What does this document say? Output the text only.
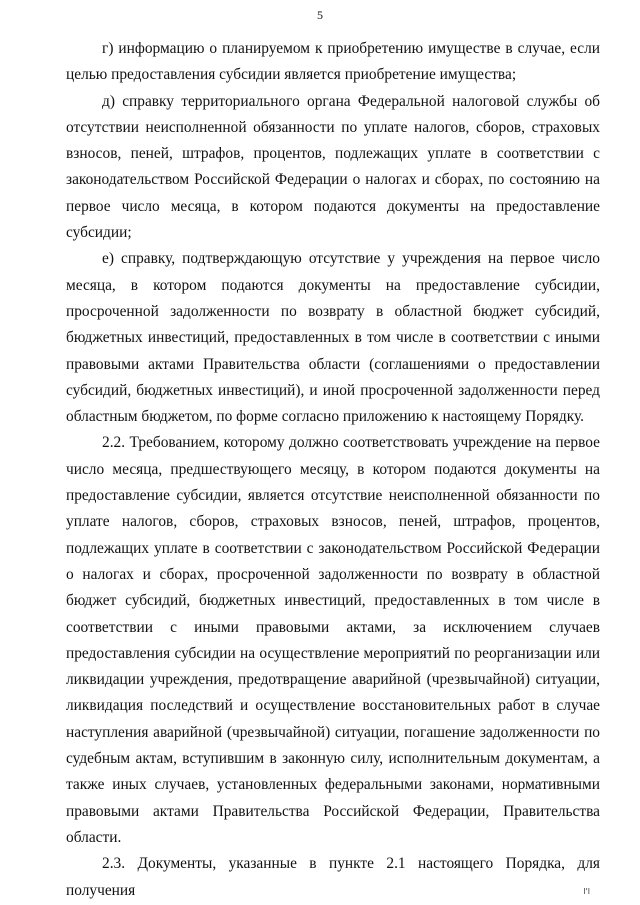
5

г) информацию о планируемом к приобретению имуществе в случае, если целью предоставления субсидии является приобретение имущества;

д) справку территориального органа Федеральной налоговой службы об отсутствии неисполненной обязанности по уплате налогов, сборов, страховых взносов, пеней, штрафов, процентов, подлежащих уплате в соответствии с законодательством Российской Федерации о налогах и сборах, по состоянию на первое число месяца, в котором подаются документы на предоставление субсидии;

е) справку, подтверждающую отсутствие у учреждения на первое число месяца, в котором подаются документы на предоставление субсидии, просроченной задолженности по возврату в областной бюджет субсидий, бюджетных инвестиций, предоставленных в том числе в соответствии с иными правовыми актами Правительства области (соглашениями о предоставлении субсидий, бюджетных инвестиций), и иной просроченной задолженности перед областным бюджетом, по форме согласно приложению к настоящему Порядку.

2.2. Требованием, которому должно соответствовать учреждение на первое число месяца, предшествующего месяцу, в котором подаются документы на предоставление субсидии, является отсутствие неисполненной обязанности по уплате налогов, сборов, страховых взносов, пеней, штрафов, процентов, подлежащих уплате в соответствии с законодательством Российской Федерации о налогах и сборах, просроченной задолженности по возврату в областной бюджет субсидий, бюджетных инвестиций, предоставленных в том числе в соответствии с иными правовыми актами, за исключением случаев предоставления субсидии на осуществление мероприятий по реорганизации или ликвидации учреждения, предотвращение аварийной (чрезвычайной) ситуации, ликвидация последствий и осуществление восстановительных работ в случае наступления аварийной (чрезвычайной) ситуации, погашение задолженности по судебным актам, вступившим в законную силу, исполнительным документам, а также иных случаев, установленных федеральными законами, нормативными правовыми актами Правительства Российской Федерации, Правительства области.

2.3. Документы, указанные в пункте 2.1 настоящего Порядка, для получения	l'l
